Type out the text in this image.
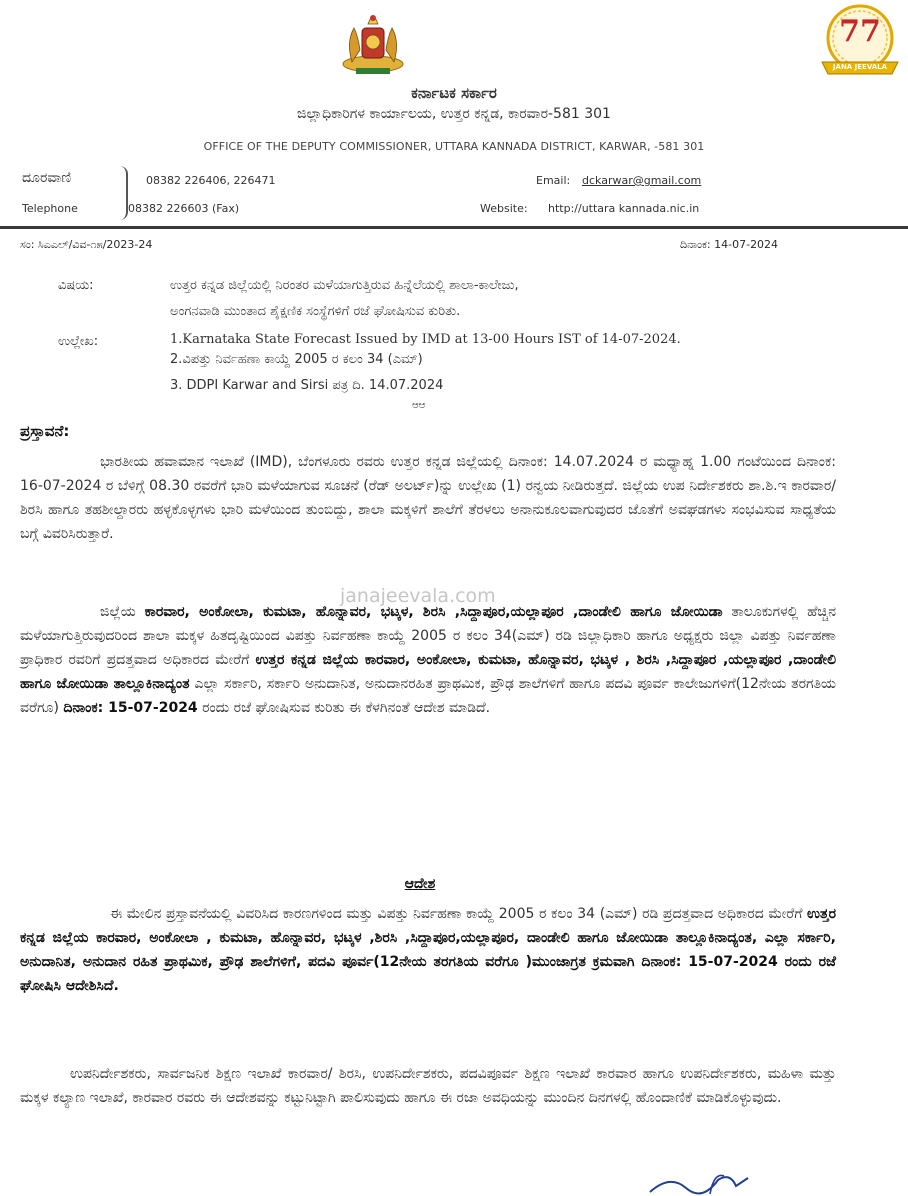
77
JANA JEEVALA
ಕರ್ನಾಟಕ ಸರ್ಕಾರ
ಜಿಲ್ಲಾಧಿಕಾರಿಗಳ ಕಾರ್ಯಾಲಯ, ಉತ್ತರ ಕನ್ನಡ, ಕಾರವಾರ-581 301
OFFICE OF THE DEPUTY COMMISSIONER, UTTARA KANNADA DISTRICT, KARWAR, -581 301
ದೂರವಾಣಿ
Telephone
08382 226406, 226471
08382 226603 (Fax)
Email: dckarwar@gmail.com
Website: http://uttara kannada.nic.in
ಸಂ: ಸಿಎಎಲ್/ವಿವ-೧೫/2023-24	ದಿನಾಂಕ: 14-07-2024
ವಿಷಯ:	ಉತ್ತರ ಕನ್ನಡ ಜಿಲ್ಲೆಯಲ್ಲಿ ನಿರಂತರ ಮಳೆಯಾಗುತ್ತಿರುವ ಹಿನ್ನೆಲೆಯಲ್ಲಿ ಶಾಲಾ-ಕಾಲೇಜು,
ಅಂಗನವಾಡಿ ಮುಂತಾದ ಶೈಕ್ಷಣಿಕ ಸಂಸ್ಥೆಗಳಿಗೆ ರಜೆ ಘೋಷಿಸುವ ಕುರಿತು.
ಉಲ್ಲೇಖ:	1.Karnataka State Forecast Issued by IMD at 13-00 Hours IST of 14-07-2024.
2.ವಿಪತ್ತು ನಿರ್ವಹಣಾ ಕಾಯ್ದೆ 2005 ರ ಕಲಂ 34 (ಎಮ್)
3. DDPI Karwar and Sirsi ಪತ್ರ ದಿ. 14.07.2024
ಆಆ
ಪ್ರಸ್ತಾವನೆ:
ಭಾರತೀಯ ಹವಾಮಾನ ಇಲಾಖೆ (IMD), ಬೆಂಗಳೂರು ರವರು ಉತ್ತರ ಕನ್ನಡ ಜಿಲ್ಲೆಯಲ್ಲಿ ದಿನಾಂಕ: 14.07.2024 ರ ಮಧ್ಯಾಹ್ನ 1.00 ಗಂಟೆಯಿಂದ ದಿನಾಂಕ: 16-07-2024 ರ ಬೆಳಿಗ್ಗೆ 08.30 ರವರೆಗೆ ಭಾರಿ ಮಳೆಯಾಗುವ ಸೂಚನೆ (ರೆಡ್ ಅಲರ್ಟ್)ನ್ನು ಉಲ್ಲೇಖ (1) ರನ್ವಯ ನೀಡಿರುತ್ತದೆ. ಜಿಲ್ಲೆಯ ಉಪ ನಿರ್ದೇಶಕರು ಶಾ.ಶಿ.ಇ ಕಾರವಾರ/ಶಿರಸಿ ಹಾಗೂ ತಹಶೀಲ್ದಾರರು ಹಳ್ಳಕೊಳ್ಳಗಳು ಭಾರಿ ಮಳೆಯಿಂದ ತುಂಬಿದ್ದು, ಶಾಲಾ ಮಕ್ಕಳಿಗೆ ಶಾಲೆಗೆ ತೆರಳಲು ಅನಾನುಕೂಲವಾಗುವುದರ ಜೊತೆಗೆ ಅವಘಡಗಳು ಸಂಭವಿಸುವ ಸಾಧ್ಯತೆಯ ಬಗ್ಗೆ ವಿವರಿಸಿರುತ್ತಾರೆ.
ಜಿಲ್ಲೆಯ ಕಾರವಾರ, ಅಂಕೋಲಾ, ಕುಮಟಾ, ಹೊನ್ನಾವರ, ಭಟ್ಕಳ, ಶಿರಸಿ ,ಸಿದ್ದಾಪೂರ,ಯಲ್ಲಾಪೂರ ,ದಾಂಡೇಲಿ ಹಾಗೂ ಜೋಯಿಡಾ ತಾಲೂಕುಗಳಲ್ಲಿ ಹೆಚ್ಚಿನ ಮಳೆಯಾಗುತ್ತಿರುವುದರಿಂದ ಶಾಲಾ ಮಕ್ಕಳ ಹಿತದೃಷ್ಟಿಯಿಂದ ವಿಪತ್ತು ನಿರ್ವಹಣಾ ಕಾಯ್ದೆ 2005 ರ ಕಲಂ 34(ಎಮ್) ರಡಿ ಜಿಲ್ಲಾಧಿಕಾರಿ ಹಾಗೂ ಅಧ್ಯಕ್ಷರು ಜಿಲ್ಲಾ ವಿಪತ್ತು ನಿರ್ವಹಣಾ ಪ್ರಾಧಿಕಾರ ರವರಿಗೆ ಪ್ರದತ್ತವಾದ ಅಧಿಕಾರದ ಮೇರೆಗೆ ಉತ್ತರ ಕನ್ನಡ ಜಿಲ್ಲೆಯ ಕಾರವಾರ, ಅಂಕೋಲಾ, ಕುಮಟಾ, ಹೊನ್ನಾವರ, ಭಟ್ಕಳ , ಶಿರಸಿ ,ಸಿದ್ದಾಪೂರ ,ಯಲ್ಲಾಪೂರ ,ದಾಂಡೇಲಿ ಹಾಗೂ ಜೋಯಿಡಾ ತಾಲ್ಲೂಕಿನಾದ್ಯಂತ ಎಲ್ಲಾ ಸರ್ಕಾರಿ, ಸರ್ಕಾರಿ ಅನುದಾನಿತ, ಅನುದಾನರಹಿತ ಪ್ರಾಥಮಿಕ, ಪ್ರೌಢ ಶಾಲೆಗಳಿಗೆ ಹಾಗೂ ಪದವಿ ಪೂರ್ವ ಕಾಲೇಜುಗಳಿಗೆ(12ನೇಯ ತರಗತಿಯ ವರೆಗೂ) ದಿನಾಂಕ: 15-07-2024 ರಂದು ರಜೆ ಘೋಷಿಸುವ ಕುರಿತು ಈ ಕೆಳಗಿನಂತೆ ಆದೇಶ ಮಾಡಿದೆ.
janajeevala.com
ಆದೇಶ
ಈ ಮೇಲಿನ ಪ್ರಸ್ತಾವನೆಯಲ್ಲಿ ವಿವರಿಸಿದ ಕಾರಣಗಳಿಂದ ಮತ್ತು ವಿಪತ್ತು ನಿರ್ವಹಣಾ ಕಾಯ್ದೆ 2005 ರ ಕಲಂ 34 (ಎಮ್) ರಡಿ ಪ್ರದತ್ತವಾದ ಅಧಿಕಾರದ ಮೇರೆಗೆ ಉತ್ತರ ಕನ್ನಡ ಜಿಲ್ಲೆಯ ಕಾರವಾರ, ಅಂಕೋಲಾ , ಕುಮಟಾ, ಹೊನ್ನಾವರ, ಭಟ್ಕಳ ,ಶಿರಸಿ ,ಸಿದ್ದಾಪೂರ,ಯಲ್ಲಾಪೂರ, ದಾಂಡೇಲಿ ಹಾಗೂ ಜೋಯಿಡಾ ತಾಲ್ಲೂಕಿನಾದ್ಯಂತ, ಎಲ್ಲಾ ಸರ್ಕಾರಿ, ಅನುದಾನಿತ, ಅನುದಾನ ರಹಿತ ಪ್ರಾಥಮಿಕ, ಪ್ರೌಢ ಶಾಲೆಗಳಿಗೆ, ಪದವಿ ಪೂರ್ವ(12ನೇಯ ತರಗತಿಯ ವರೆಗೂ )ಮುಂಜಾಗ್ರತ ಕ್ರಮವಾಗಿ ದಿನಾಂಕ: 15-07-2024 ರಂದು ರಜೆ ಘೋಷಿಸಿ ಆದೇಶಿಸಿದೆ.
ಉಪನಿರ್ದೇಶಕರು, ಸಾರ್ವಜನಿಕ ಶಿಕ್ಷಣ ಇಲಾಖೆ ಕಾರವಾರ/ ಶಿರಸಿ, ಉಪನಿರ್ದೇಶಕರು, ಪದವಿಪೂರ್ವ ಶಿಕ್ಷಣ ಇಲಾಖೆ ಕಾರವಾರ ಹಾಗೂ ಉಪನಿರ್ದೇಶಕರು, ಮಹಿಳಾ ಮತ್ತು ಮಕ್ಕಳ ಕಲ್ಯಾಣ ಇಲಾಖೆ, ಕಾರವಾರ ರವರು ಈ ಆದೇಶವನ್ನು ಕಟ್ಟುನಿಟ್ಟಾಗಿ ಪಾಲಿಸುವುದು ಹಾಗೂ ಈ ರಜಾ ಅವಧಿಯನ್ನು ಮುಂದಿನ ದಿನಗಳಲ್ಲಿ ಹೊಂದಾಣಿಕೆ ಮಾಡಿಕೊಳ್ಳುವುದು.
